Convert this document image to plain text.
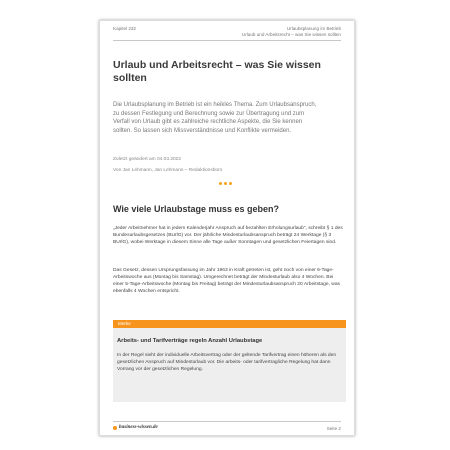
Kapitel 232	Urlaubsplanung im Betrieb
Urlaub und Arbeitsrecht – was Sie wissen sollten
Urlaub und Arbeitsrecht – was Sie wissen sollten
Die Urlaubsplanung im Betrieb ist ein heikles Thema. Zum Urlaubsanspruch, zu dessen Festlegung und Berechnung sowie zur Übertragung und zum Verfall von Urlaub gibt es zahlreiche rechtliche Aspekte, die Sie kennen sollten. So lassen sich Missverständnisse und Konflikte vermeiden.
Zuletzt geändert am 04.03.2022
Von Jan Lehmann, Jan Lehmann – Redaktionsbüro
Wie viele Urlaubstage muss es geben?
„Jeder Arbeitnehmer hat in jedem Kalenderjahr Anspruch auf bezahlten Erholungsurlaub“, schreibt § 1 des Bundesurlaubsgesetzes (BUrlG) vor. Der jährliche Mindesturlaubsanspruch beträgt 24 Werktage (§ 3 BUrlG), wobei Werktage in diesem Sinne alle Tage außer Sonntagen und gesetzlichen Feiertagen sind.
Das Gesetz, dessen Ursprungsfassung im Jahr 1963 in Kraft getreten ist, geht noch von einer 6-Tage-Arbeitswoche aus (Montag bis Samstag). Umgerechnet beträgt der Mindesturlaub also 4 Wochen. Bei einer 5-Tage-Arbeitswoche (Montag bis Freitag) beträgt der Mindesturlaubsanspruch 20 Arbeitstage, was ebenfalls 4 Wochen entspricht.
Merke
Arbeits- und Tarifverträge regeln Anzahl Urlaubstage
In der Regel sieht der individuelle Arbeitsvertrag oder der geltende Tarifvertrag einen höheren als den gesetzlichen Anspruch auf Mindesturlaub vor. Die arbeits- oder tarifvertragliche Regelung hat dann Vorrang vor der gesetzlichen Regelung.
business-wissen.de	Seite 2
